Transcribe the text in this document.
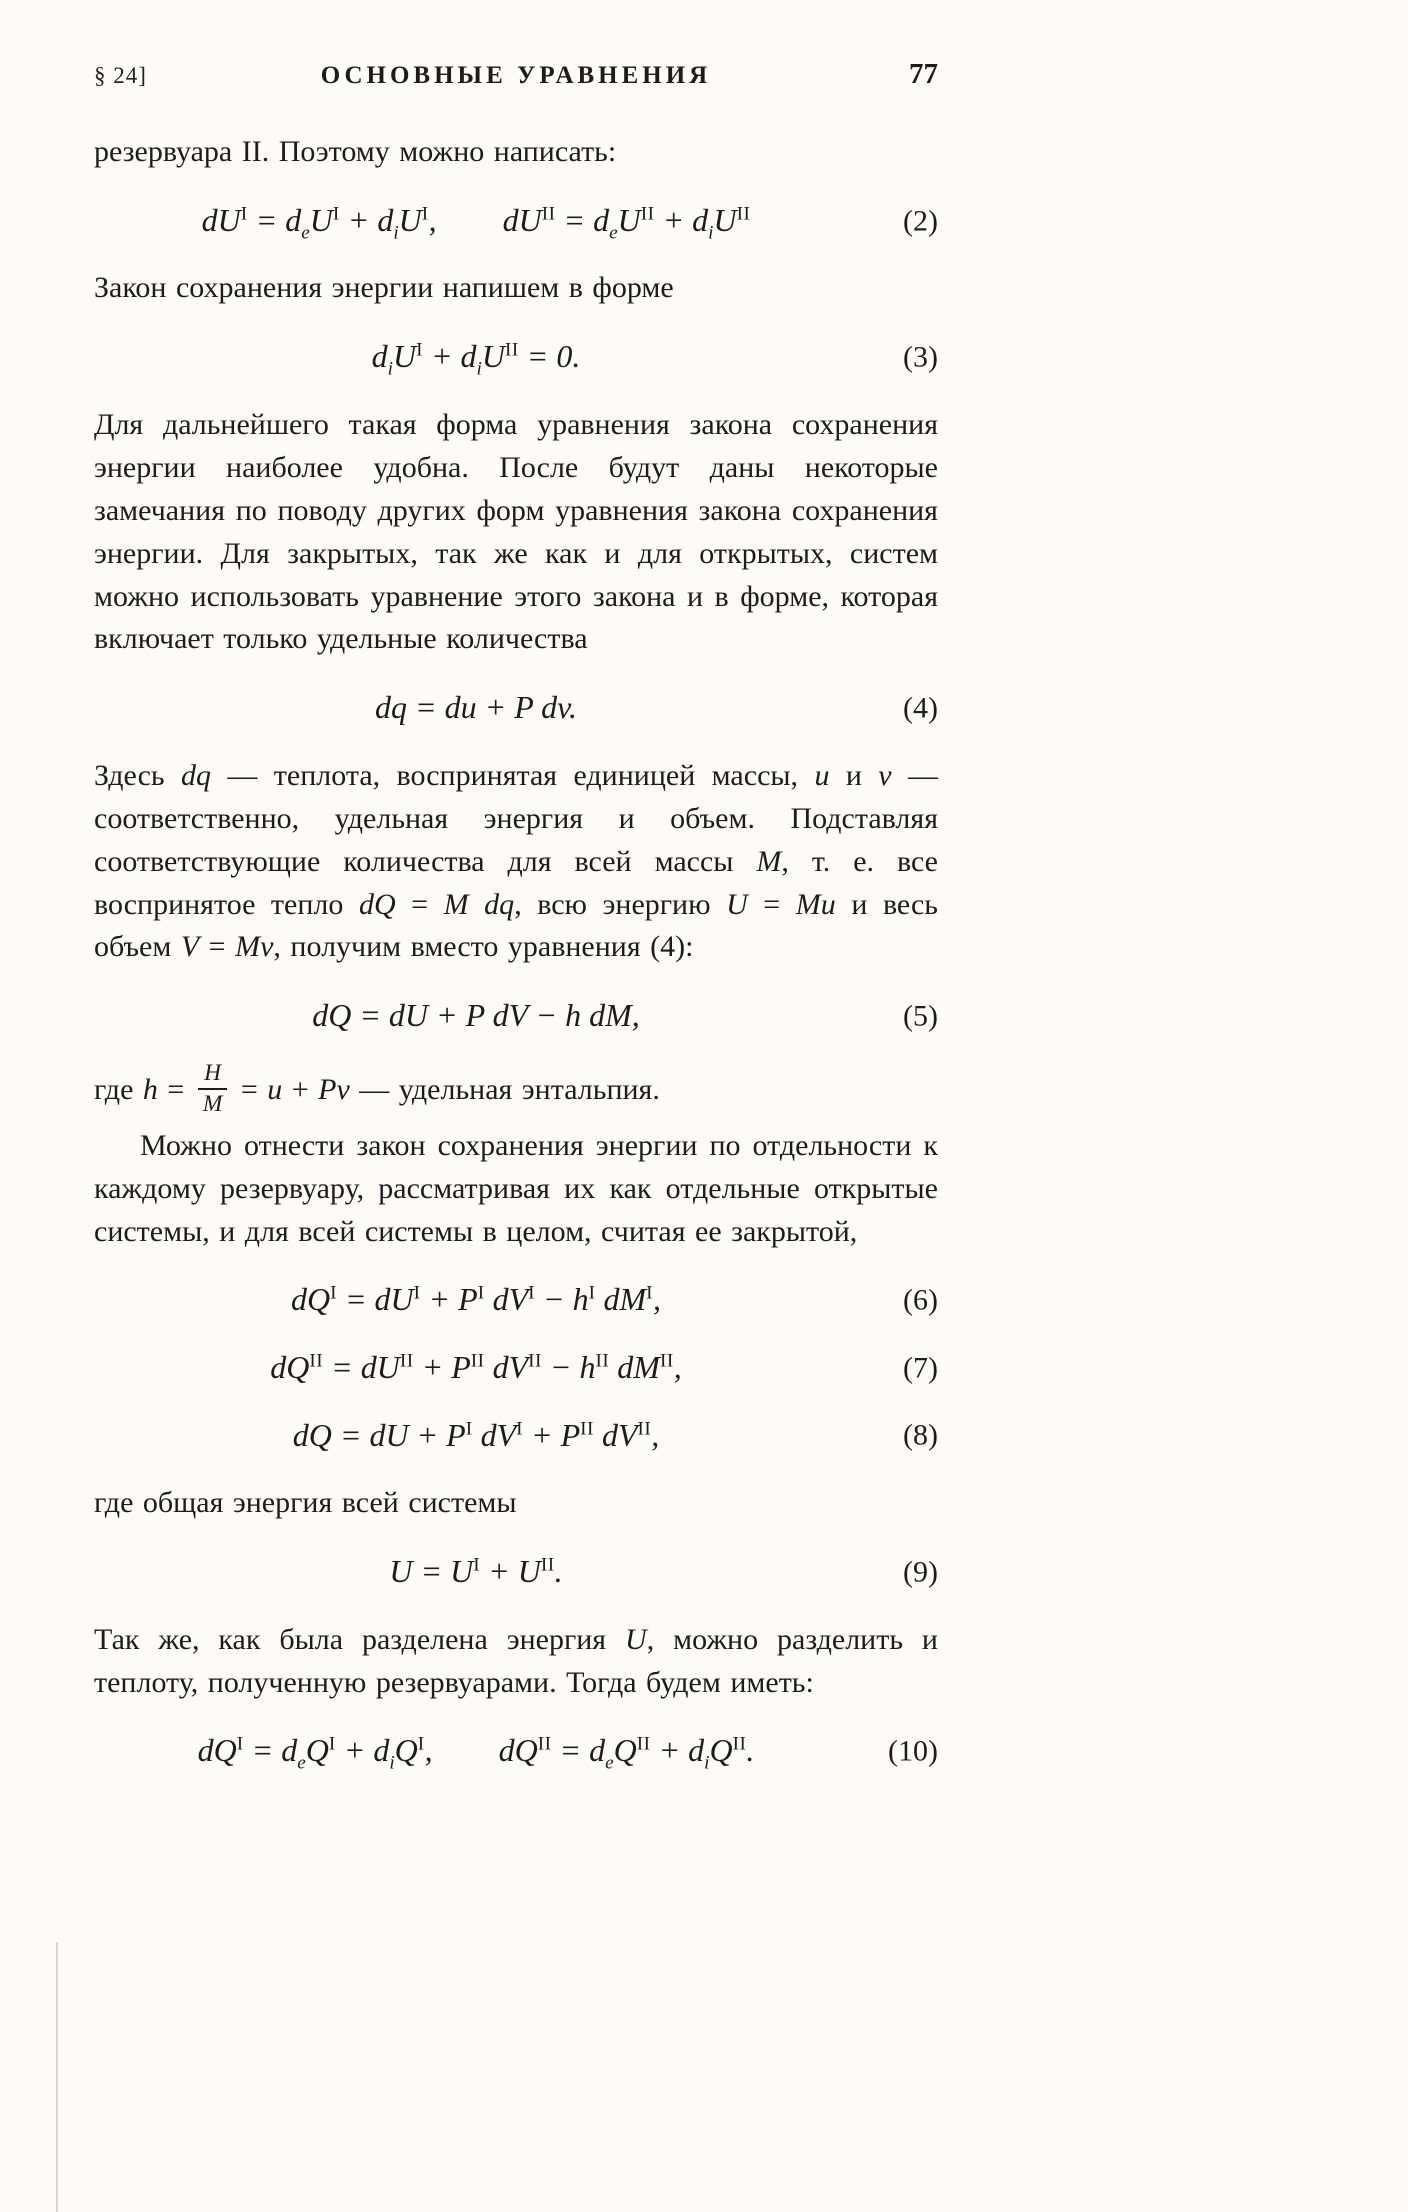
§ 24]	ОСНОВНЫЕ УРАВНЕНИЯ	77

резервуара II. Поэтому можно написать:

$dU^I = d_eU^I + d_iU^I$, $dU^{II} = d_eU^{II} + d_iU^{II}$	(2)

Закон сохранения энергии напишем в форме

$d_iU^I + d_iU^{II} = 0$.	(3)

Для дальнейшего такая форма уравнения закона сохранения энергии наиболее удобна. После будут даны некоторые замечания по поводу других форм уравнения закона сохранения энергии. Для закрытых, так же как и для открытых, систем можно использовать уравнение этого закона и в форме, которая включает только удельные количества

dq = du + P dv.	(4)

Здесь dq — теплота, воспринятая единицей массы, u и v — соответственно, удельная энергия и объем. Подставляя соответствующие количества для всей массы M, т. е. все воспринятое тепло dQ = M dq, всю энергию U = Mu и весь объем V = Mv, получим вместо уравнения (4):

dQ = dU + P dV − h dM,	(5)

где $h = \frac{H}{M} = u + Pv$ — удельная энтальпия.

Можно отнести закон сохранения энергии по отдельности к каждому резервуару, рассматривая их как отдельные открытые системы, и для всей системы в целом, считая ее закрытой,

$dQ^I = dU^I + P^I$ $dV^I - h^I$ $dM^I$,	(6)
$dQ^{II} = dU^{II} + P^{II}$ $dV^{II} - h^{II}$ $dM^{II}$,	(7)
dQ = dU + $P^I$ $dV^I + P^{II}$ $dV^{II}$,	(8)

где общая энергия всей системы

$U = U^I + U^{II}$.	(9)

Так же, как была разделена энергия U, можно разделить и теплоту, полученную резервуарами. Тогда будем иметь:

$dQ^I = d_eQ^I + d_iQ^I$, $dQ^{II} = d_eQ^{II} + d_iQ^{II}$.	(10)
